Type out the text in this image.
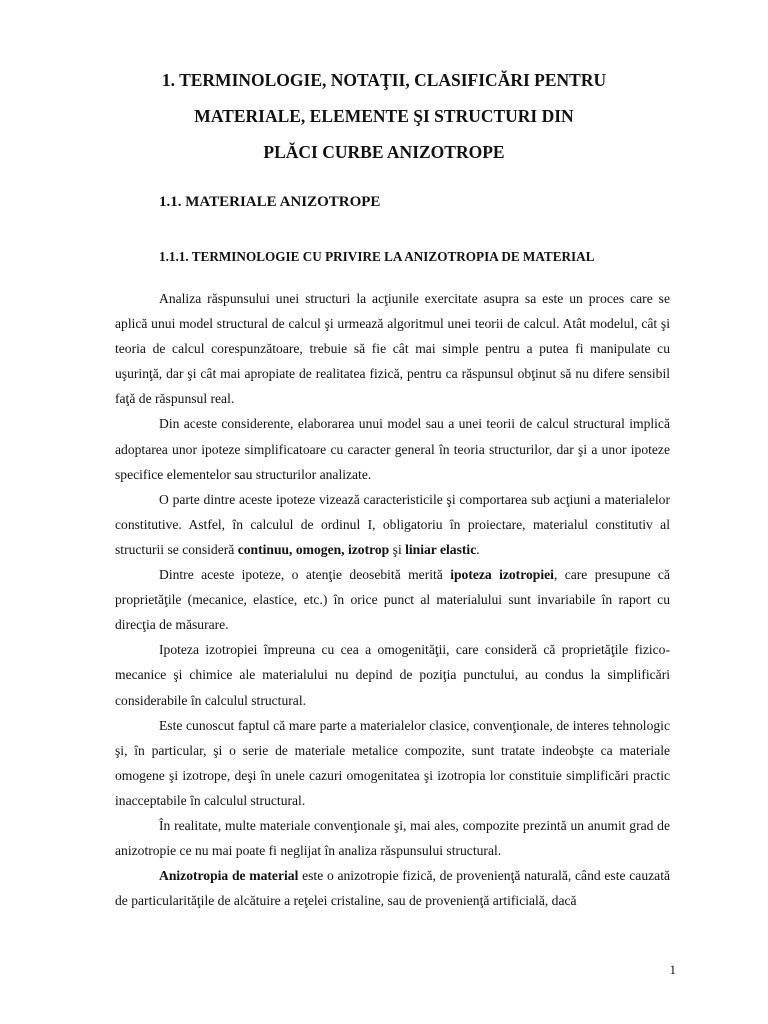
1. TERMINOLOGIE, NOTAŢII, CLASIFICĂRI PENTRU
MATERIALE, ELEMENTE ŞI STRUCTURI DIN
PLĂCI CURBE ANIZOTROPE
1.1. MATERIALE ANIZOTROPE
1.1.1. TERMINOLOGIE CU PRIVIRE LA ANIZOTROPIA DE MATERIAL

Analiza răspunsului unei structuri la acţiunile exercitate asupra sa este un proces care se aplică unui model structural de calcul şi urmează algoritmul unei teorii de calcul. Atât modelul, cât şi teoria de calcul corespunzătoare, trebuie să fie cât mai simple pentru a putea fi manipulate cu uşurinţă, dar şi cât mai apropiate de realitatea fizică, pentru ca răspunsul obţinut să nu difere sensibil faţă de răspunsul real.

Din aceste considerente, elaborarea unui model sau a unei teorii de calcul structural implică adoptarea unor ipoteze simplificatoare cu caracter general în teoria structurilor, dar şi a unor ipoteze specifice elementelor sau structurilor analizate.

O parte dintre aceste ipoteze vizează caracteristicile şi comportarea sub acţiuni a materialelor constitutive. Astfel, în calculul de ordinul I, obligatoriu în proiectare, materialul constitutiv al structurii se consideră continuu, omogen, izotrop şi liniar elastic.

Dintre aceste ipoteze, o atenţie deosebită merită ipoteza izotropiei, care presupune că proprietăţile (mecanice, elastice, etc.) în orice punct al materialului sunt invariabile în raport cu direcţia de măsurare.

Ipoteza izotropiei împreuna cu cea a omogenităţii, care consideră că proprietăţile fizico-mecanice şi chimice ale materialului nu depind de poziţia punctului, au condus la simplificări considerabile în calculul structural.

Este cunoscut faptul că mare parte a materialelor clasice, convenţionale, de interes tehnologic şi, în particular, şi o serie de materiale metalice compozite, sunt tratate indeobşte ca materiale omogene şi izotrope, deşi în unele cazuri omogenitatea şi izotropia lor constituie simplificări practic inacceptabile în calculul structural.

În realitate, multe materiale convenţionale şi, mai ales, compozite prezintă un anumit grad de anizotropie ce nu mai poate fi neglijat în analiza răspunsului structural.

Anizotropia de material este o anizotropie fizică, de provenienţă naturală, când este cauzată de particularităţile de alcătuire a reţelei cristaline, sau de provenienţă artificială, dacă

1
